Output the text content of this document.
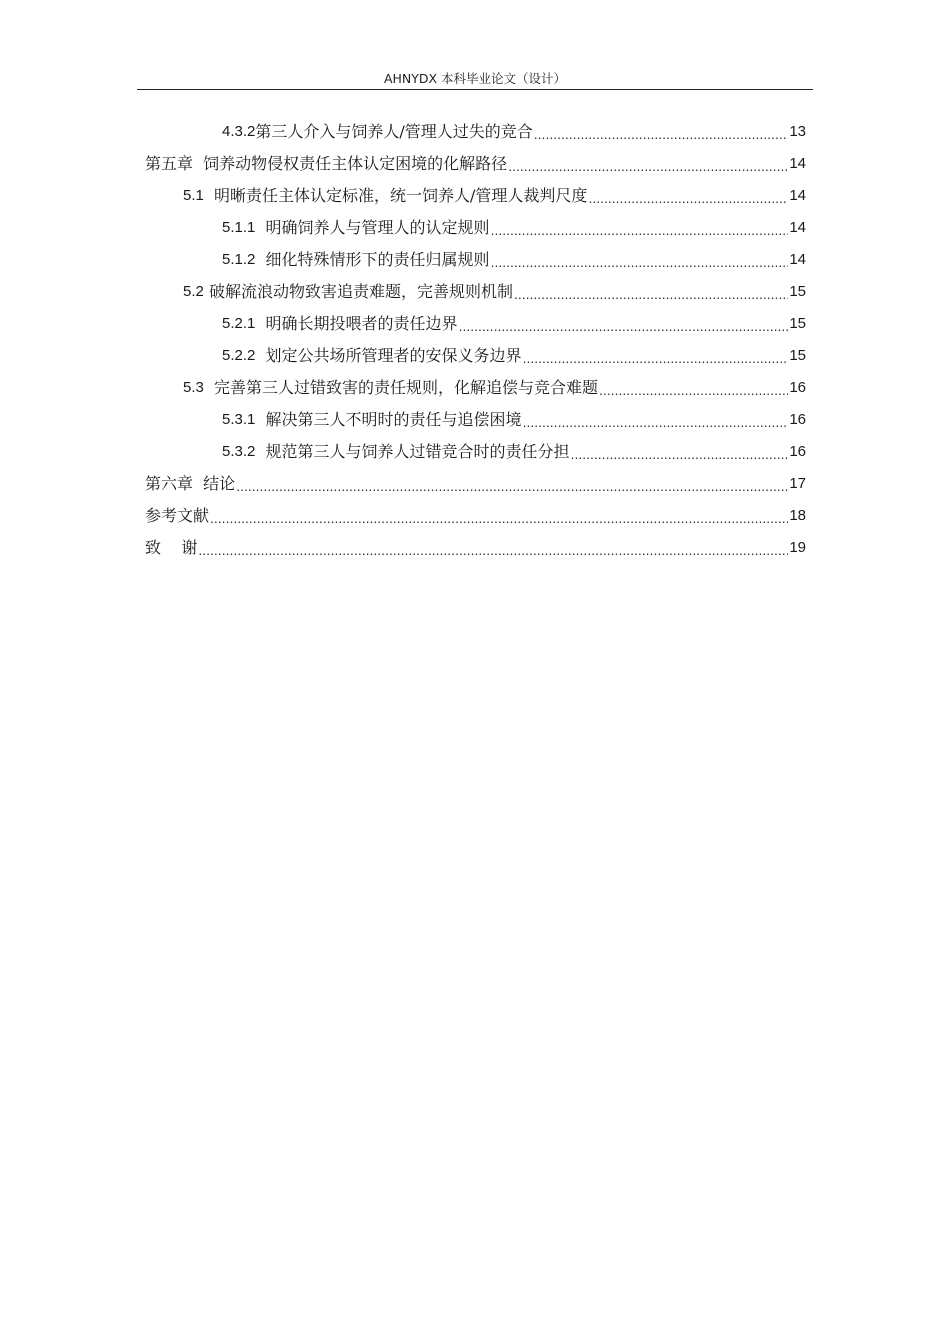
AHNYDX 本科毕业论文（设计）
4.3.2 第三人介入与饲养人/管理人过失的竞合 .....	13
第五章  饲养动物侵权责任主体认定困境的化解路径 .....	14
5.1 明晰责任主体认定标准，统一饲养人/管理人裁判尺度 .....	14
5.1.1 明确饲养人与管理人的认定规则 .....	14
5.1.2 细化特殊情形下的责任归属规则 .....	14
5.2 破解流浪动物致害追责难题，完善规则机制 .....	15
5.2.1 明确长期投喂者的责任边界 .....	15
5.2.2 划定公共场所管理者的安保义务边界 .....	15
5.3 完善第三人过错致害的责任规则，化解追偿与竞合难题 .....	16
5.3.1 解决第三人不明时的责任与追偿困境 .....	16
5.3.2 规范第三人与饲养人过错竞合时的责任分担 .....	16
第六章  结论 .....	17
参考文献 .....	18
致    谢 .....	19
